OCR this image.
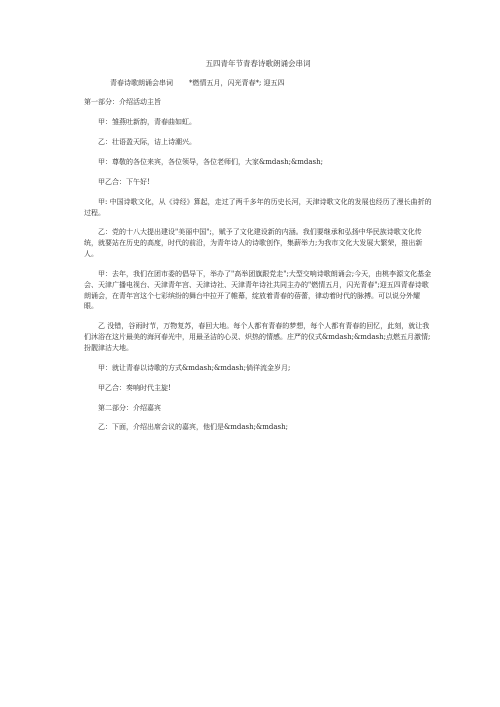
五四青年节青春诗歌朗诵会串词
青春诗歌朗诵会串词 *燃情五月，闪光青春*; 迎五四
第一部分：介绍活动主旨
甲：雏燕吐新韵，青春曲如虹。
乙：壮语盈天际，诘上诗潮兴。
甲：尊敬的各位来宾，各位领导，各位老师们，大家&mdash;&mdash;
甲乙合：下午好!
甲: 中国诗歌文化，从《诗经》算起，走过了两千多年的历史长河，天津诗歌文化的发展也经历了漫长曲折的过程。
乙：党的十八大提出建设"美丽中国";，赋予了文化建设新的内涵。我们要继承和弘扬中华民族诗歌文化传统，就要站在历史的高度，时代的前沿，为青年诗人的诗歌创作，集薪举力;为我市文化大发展大繁荣，推出新人。
甲：去年，我们在团市委的倡导下，举办了"高举团旗跟党走";大型交响诗歌朗诵会;今天，由桃李源文化基金会、天津广播电视台、天津青年宫、天津诗社、天津青年诗社共同主办的"燃情五月，闪光青春";迎五四青春诗歌朗诵会，在青年宫这个七彩缤纷的舞台中拉开了帷幕，绽放着青春的蓓蕾，律动着时代的脉搏。可以说分外耀眼。
乙 没错，谷雨时节，万物复苏，春回大地。每个人都有青春的梦想，每个人都有青春的回忆，此刻，就让我们沐浴在这片最美的海河春光中，用最圣洁的心灵、炽热的情感。庄严的仪式&mdash;&mdash;点燃五月激情;扮靓津沽大地。
甲：就让青春以诗歌的方式&mdash;&mdash;倘徉流金岁月;
甲乙合：奏响时代主旋!
第二部分：介绍嘉宾
乙：下面，介绍出席会议的嘉宾，他们是&mdash;&mdash;
